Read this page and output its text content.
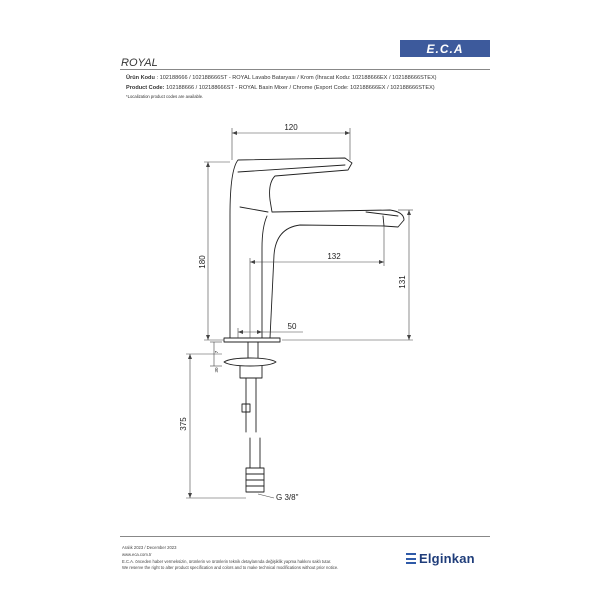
E.C.A
ROYAL
Ürün Kodu : 102188666 / 102188666ST - ROYAL Lavabo Bataryası / Krom (İhracat Kodu: 102188666EX / 102188666STEX)
Product Code: 102188666 / 102188666ST - ROYAL Basin Mixer / Chrome (Export Code: 102188666EX / 102188666STEX)
*Localization product codes are available.
120
180	132
131
50
375
30
7
G 3/8"
Aralık 2023 / December 2023
www.eca.com.tr
E.C.A. önceden haber vermeksizin, ürünlerin ve ürünlerin teknik detaylarında değişiklik yapma hakkını saklı tutar.
We reserve the right to alter product specification and colors and to make technical modifications without prior notice.
Elginkan
